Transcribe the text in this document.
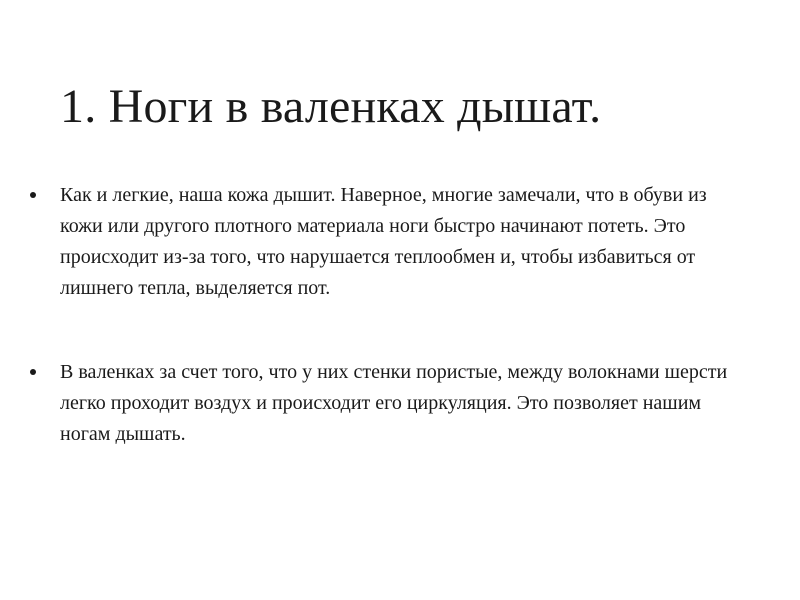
1. Ноги в валенках дышат.
Как и легкие, наша кожа дышит. Наверное, многие замечали, что в обуви из кожи или другого плотного материала ноги быстро начинают потеть. Это происходит из-за того, что нарушается теплообмен и, чтобы избавиться от лишнего тепла, выделяется пот.
В валенках за счет того, что у них стенки пористые, между волокнами шерсти легко проходит воздух и происходит его циркуляция. Это позволяет нашим ногам дышать.
